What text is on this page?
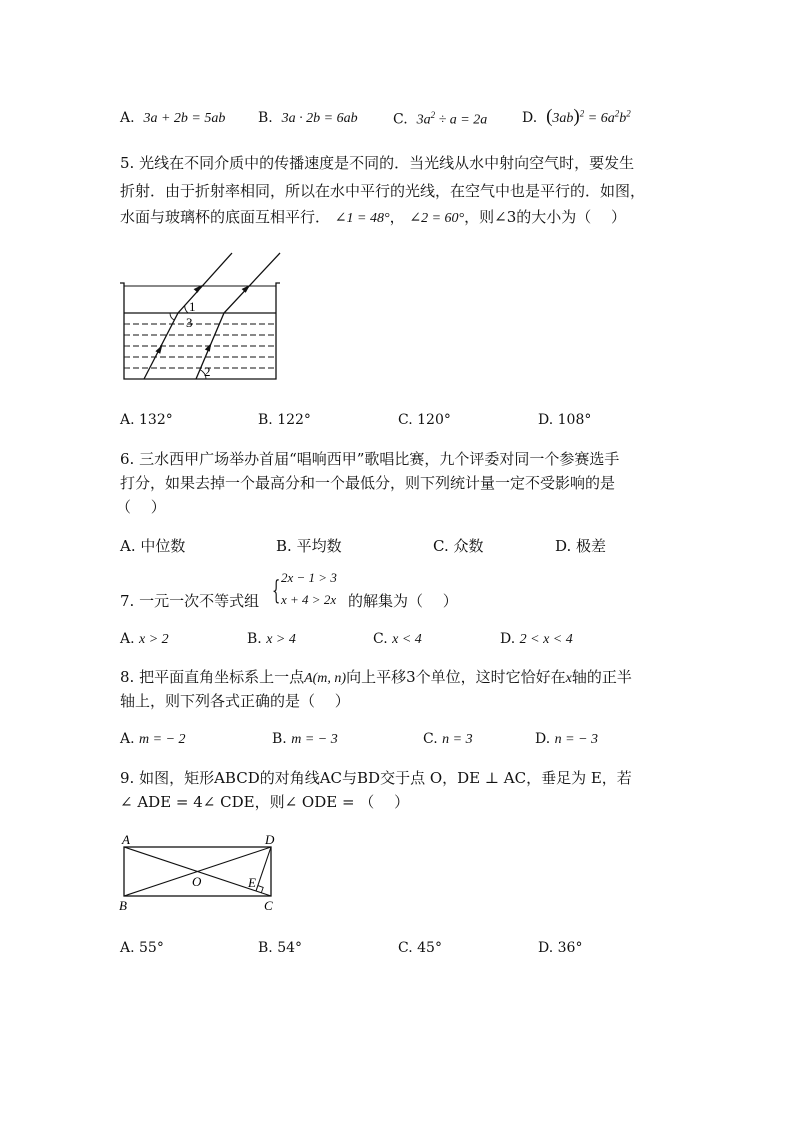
A. 3a + 2b = 5ab B. 3a · 2b = 6ab	C. $3a^2 \div a = 2a$ D. $(3ab)^2 = 6a^2b^2$
5. 光线在不同介质中的传播速度是不同的．当光线从水中射向空气时，要发生
折射．由于折射率相同，所以在水中平行的光线，在空气中也是平行的．如图，
水面与玻璃杯的底面互相平行． ∠1 = 48°， ∠2 = 60°，则∠3的大小为（　 ）
1
3
2
A. 132°	B. 122°	C. 120°	D. 108°
6. 三水西甲广场举办首届“唱响西甲”歌唱比赛，九个评委对同一个参赛选手
打分，如果去掉一个最高分和一个最低分，则下列统计量一定不受影响的是
（　 ）
A. 中位数	B. 平均数	C. 众数	D. 极差
7. 一元一次不等式组 { 2x − 1 > 3
x + 4 > 2x 的解集为（　 ）
A. x > 2	B. x > 4	C. x < 4	D. 2 < x < 4
8. 把平面直角坐标系上一点A(m, n)向上平移3个单位，这时它恰好在x轴的正半
轴上，则下列各式正确的是（　 ）
A. m = − 2	B. m = − 3	C. n = 3	D. n = − 3
9. 如图，矩形ABCD的对角线AC与BD交于点 O，DE ⊥ AC，垂足为 E，若
∠ ADE = 4∠ CDE，则∠ ODE = （　 ）
A	D
B	C
O	E
A. 55°	B. 54°	C. 45°	D. 36°
